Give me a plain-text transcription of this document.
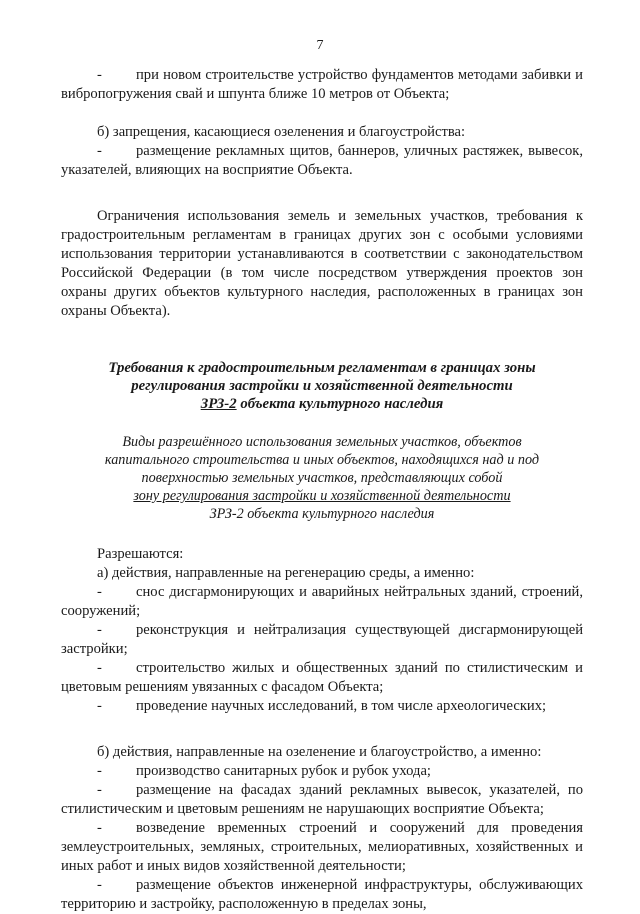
7

- при новом строительстве устройство фундаментов методами забивки и вибропогружения свай и шпунта ближе 10 метров от Объекта;

б) запрещения, касающиеся озеленения и благоустройства:

- размещение рекламных щитов, баннеров, уличных растяжек, вывесок, указателей, влияющих на восприятие Объекта.

Ограничения использования земель и земельных участков, требования к градостроительным регламентам в границах других зон с особыми условиями использования территории устанавливаются в соответствии с законодательством Российской Федерации (в том числе посредством утверждения проектов зон охраны других объектов культурного наследия, расположенных в границах зон охраны Объекта).

Требования к градостроительным регламентам в границах зоны
регулирования застройки и хозяйственной деятельности
ЗРЗ-2 объекта культурного наследия
Виды разрешённого использования земельных участков, объектов
капитального строительства и иных объектов, находящихся над и под
поверхностью земельных участков, представляющих собой
зону регулирования застройки и хозяйственной деятельности
ЗРЗ-2 объекта культурного наследия

Разрешаются:

а) действия, направленные на регенерацию среды, а именно:

- снос дисгармонирующих и аварийных нейтральных зданий, строений, сооружений;

- реконструкция и нейтрализация существующей дисгармонирующей застройки;

- строительство жилых и общественных зданий по стилистическим и цветовым решениям увязанных с фасадом Объекта;

- проведение научных исследований, в том числе археологических;

б) действия, направленные на озеленение и благоустройство, а именно:

- производство санитарных рубок и рубок ухода;

- размещение на фасадах зданий рекламных вывесок, указателей, по стилистическим и цветовым решениям не нарушающих восприятие Объекта;

- возведение временных строений и сооружений для проведения землеустроительных, земляных, строительных, мелиоративных, хозяйственных и иных работ и иных видов хозяйственной деятельности;

- размещение объектов инженерной инфраструктуры, обслуживающих территорию и застройку, расположенную в пределах зоны,
